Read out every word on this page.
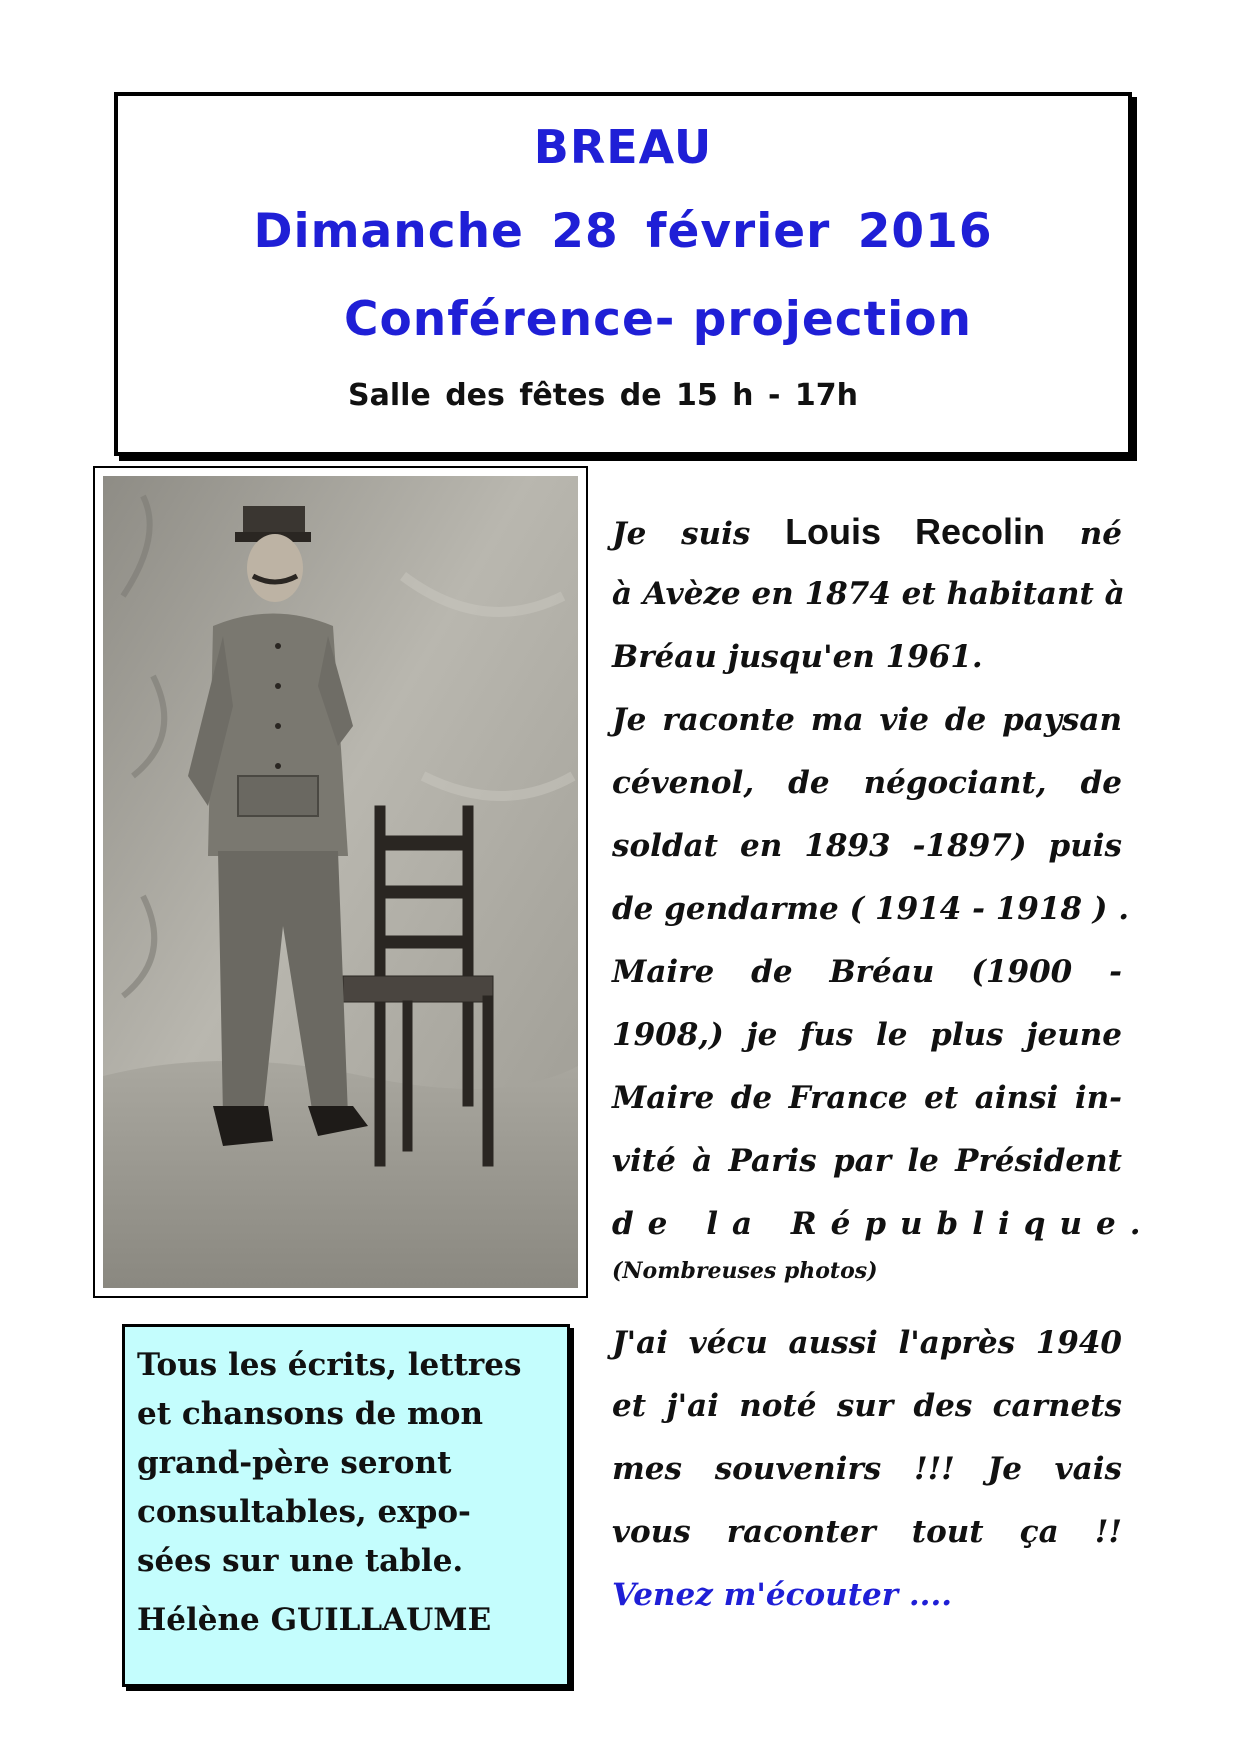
BREAU
Dimanche 28 février 2016
Conférence- projection
Salle des fêtes de 15 h - 17h
Je suis Louis Recolin né
à Avèze en 1874 et habitant à
Bréau jusqu'en 1961.
Je raconte ma vie de paysan
cévenol, de négociant, de
soldat en 1893 -1897) puis
de gendarme ( 1914 - 1918 ) .
Maire de Bréau (1900 -
1908,) je fus le plus jeune
Maire de France et ainsi in-
vité à Paris par le Président
de la République.
(Nombreuses photos)
J'ai vécu aussi l'après 1940
et j'ai noté sur des carnets
mes souvenirs !!! Je vais
vous raconter tout ça !!
Venez m'écouter ....
Tous les écrits, lettres
et chansons de mon
grand-père seront
consultables, expo-
sées sur une table.
Hélène GUILLAUME
